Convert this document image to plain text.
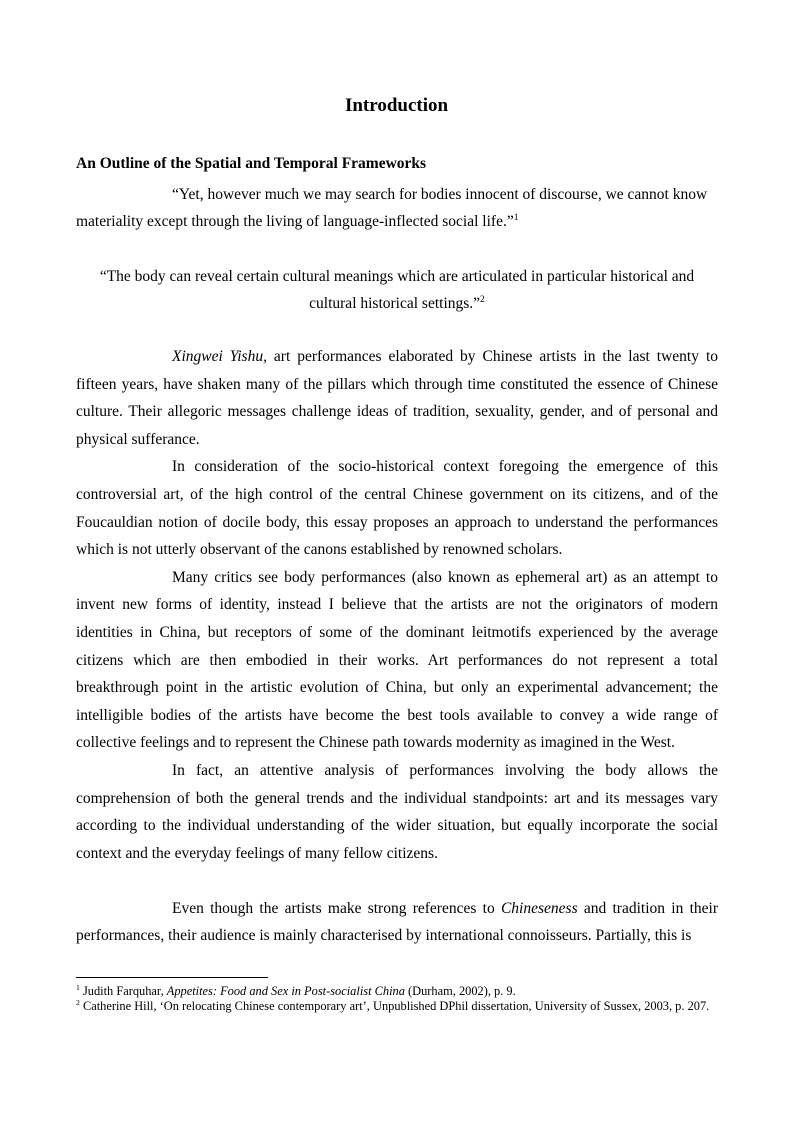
Introduction
An Outline of the Spatial and Temporal Frameworks
“Yet, however much we may search for bodies innocent of discourse, we cannot know materiality except through the living of language-inflected social life.”$^1$
“The body can reveal certain cultural meanings which are articulated in particular historical and
cultural historical settings.”$^2$

Xingwei Yishu, art performances elaborated by Chinese artists in the last twenty to fifteen years, have shaken many of the pillars which through time constituted the essence of Chinese culture. Their allegoric messages challenge ideas of tradition, sexuality, gender, and of personal and physical sufferance.

In consideration of the socio-historical context foregoing the emergence of this controversial art, of the high control of the central Chinese government on its citizens, and of the Foucauldian notion of docile body, this essay proposes an approach to understand the performances which is not utterly observant of the canons established by renowned scholars.

Many critics see body performances (also known as ephemeral art) as an attempt to invent new forms of identity, instead I believe that the artists are not the originators of modern identities in China, but receptors of some of the dominant leitmotifs experienced by the average citizens which are then embodied in their works. Art performances do not represent a total breakthrough point in the artistic evolution of China, but only an experimental advancement; the intelligible bodies of the artists have become the best tools available to convey a wide range of collective feelings and to represent the Chinese path towards modernity as imagined in the West.

In fact, an attentive analysis of performances involving the body allows the comprehension of both the general trends and the individual standpoints: art and its messages vary according to the individual understanding of the wider situation, but equally incorporate the social context and the everyday feelings of many fellow citizens.

Even though the artists make strong references to Chineseness and tradition in their performances, their audience is mainly characterised by international connoisseurs. Partially, this is

$^1$ Judith Farquhar, Appetites: Food and Sex in Post-socialist China (Durham, 2002), p. 9.

$^2$ Catherine Hill, ‘On relocating Chinese contemporary art’, Unpublished DPhil dissertation, University of Sussex, 2003, p. 207.
